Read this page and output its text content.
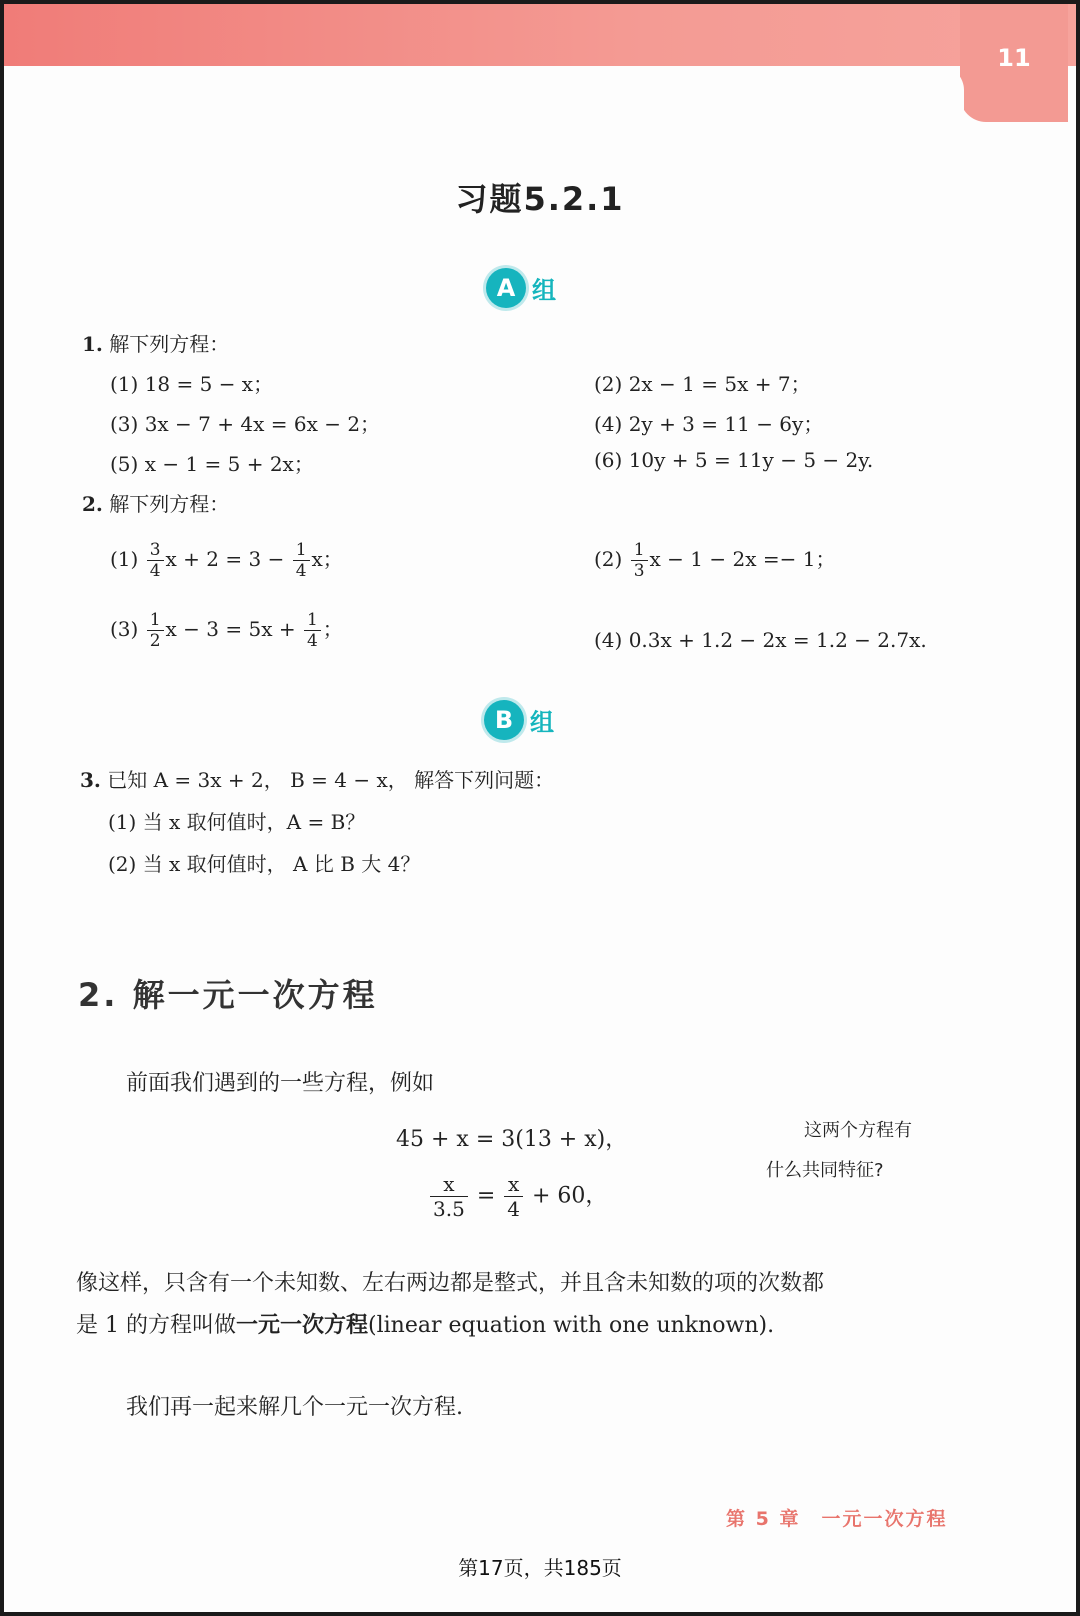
11
习题5.2.1
A 组
1. 解下列方程：
(1) 18 = 5 − x；	(2) 2x − 1 = 5x + 7；
(3) 3x − 7 + 4x = 6x − 2；	(4) 2y + 3 = 11 − 6y；
(5) x − 1 = 5 + 2x；	(6) 10y + 5 = 11y − 5 − 2y.
2. 解下列方程：
$(1) \frac{3}{4}$ $x + 2 = 3 - \frac{1}{4}$ x；	$(2) \frac{1}{3}$ x − 1 − 2x =− 1；
$(3) \frac{1}{2}$ $x - 3 = 5x + \frac{1}{4}$ ；	(4) 0.3x + 1.2 − 2x = 1.2 − 2.7x.
B 组
3. 已知 A = 3x + 2， B = 4 − x， 解答下列问题：
(1) 当 x 取何值时，A = B？
(2) 当 x 取何值时， A 比 B 大 4？
2. 解一元一次方程
前面我们遇到的一些方程，例如
45 + x = 3(13 + x)，
$\frac{x}{3.5} = \frac{x}{4} + 60$，
这两个方程有
什么共同特征?
像这样，只含有一个未知数、左右两边都是整式，并且含未知数的项的次数都
是 1 的方程叫做一元一次方程(linear equation with one unknown).
我们再一起来解几个一元一次方程.
第 5 章　一元一次方程
第17页，共185页
